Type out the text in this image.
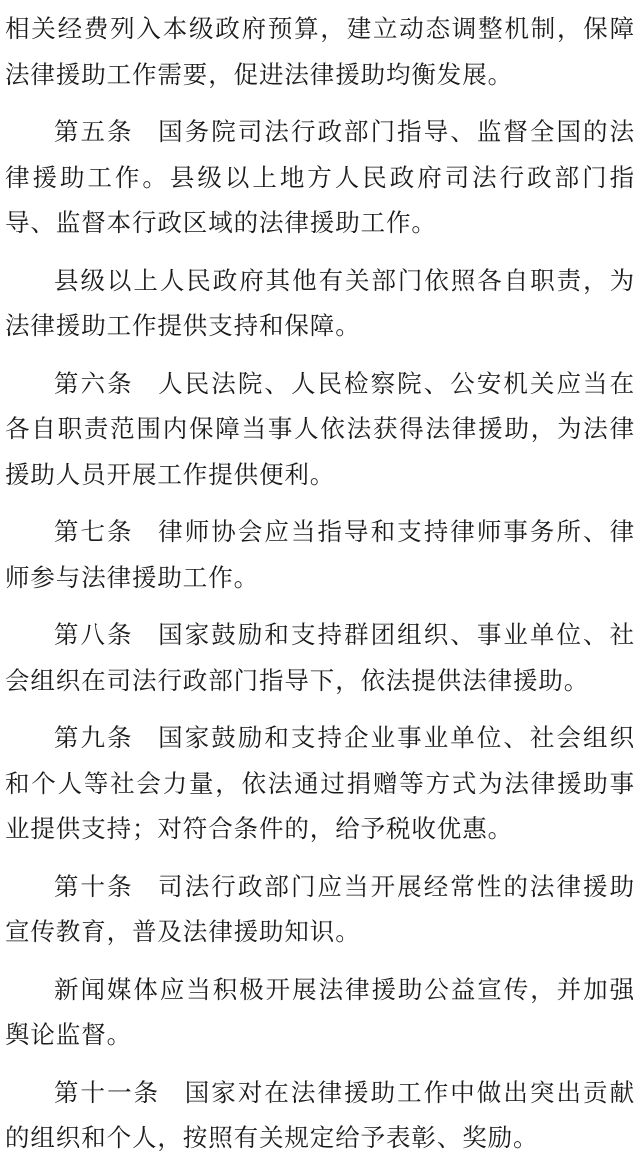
相关经费列入本级政府预算，建立动态调整机制，保障法律援助工作需要，促进法律援助均衡发展。

第五条 国务院司法行政部门指导、监督全国的法律援助工作。县级以上地方人民政府司法行政部门指导、监督本行政区域的法律援助工作。

县级以上人民政府其他有关部门依照各自职责，为法律援助工作提供支持和保障。

第六条 人民法院、人民检察院、公安机关应当在各自职责范围内保障当事人依法获得法律援助，为法律援助人员开展工作提供便利。

第七条 律师协会应当指导和支持律师事务所、律师参与法律援助工作。

第八条 国家鼓励和支持群团组织、事业单位、社会组织在司法行政部门指导下，依法提供法律援助。

第九条 国家鼓励和支持企业事业单位、社会组织和个人等社会力量，依法通过捐赠等方式为法律援助事业提供支持；对符合条件的，给予税收优惠。

第十条 司法行政部门应当开展经常性的法律援助宣传教育，普及法律援助知识。

新闻媒体应当积极开展法律援助公益宣传，并加强舆论监督。

第十一条 国家对在法律援助工作中做出突出贡献的组织和个人，按照有关规定给予表彰、奖励。
